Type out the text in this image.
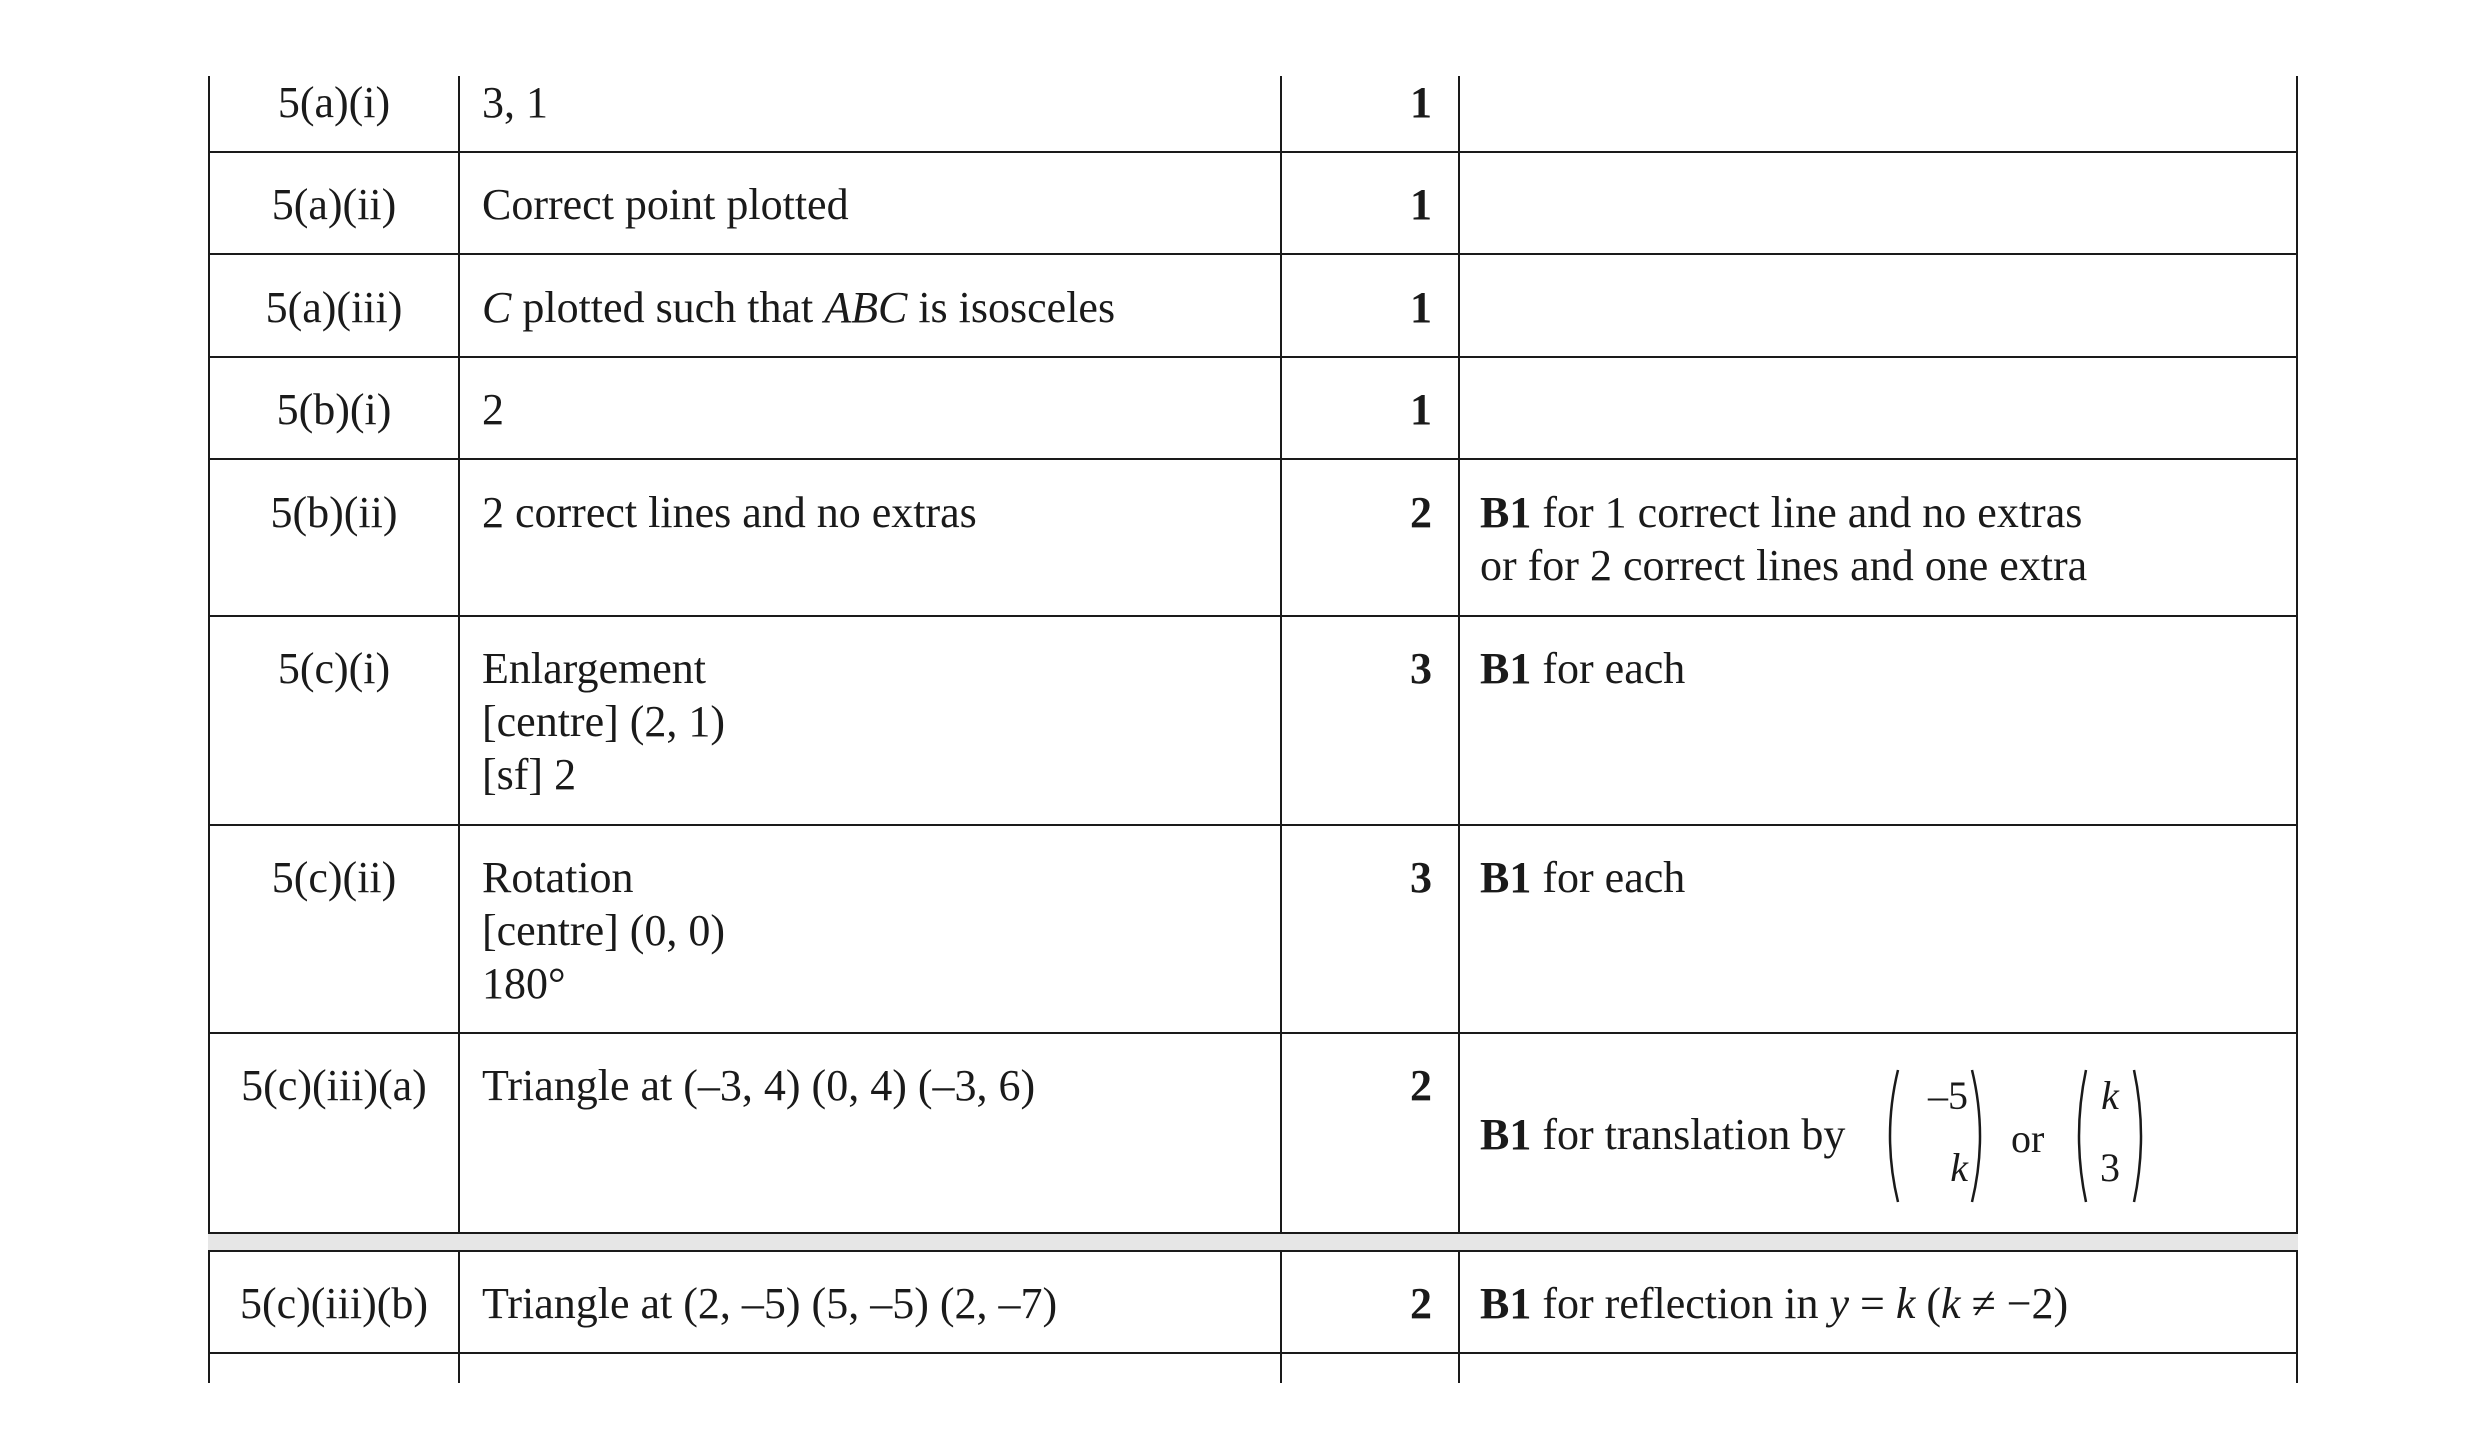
5(a)(i)	3, 1	1
5(a)(ii)	Correct point plotted	1
5(a)(iii)	C plotted such that ABC is isosceles	1
5(b)(i)	2	1
5(b)(ii)	2 correct lines and no extras	2 B1 for 1 correct line and no extras
or for 2 correct lines and one extra
5(c)(i)	Enlargement
[centre] (2, 1)
[sf] 2
3 B1 for each
5(c)(ii)	Rotation
[centre] (0, 0)
180°
3 B1 for each
5(c)(iii)(a)	Triangle at (–3, 4) (0, 4) (–3, 6)	2
B1 for translation by
–5
k
or
k
3
5(c)(iii)(b)	Triangle at (2, –5) (5, –5) (2, –7)	2 B1 for reflection in y = k (k ≠ −2)
